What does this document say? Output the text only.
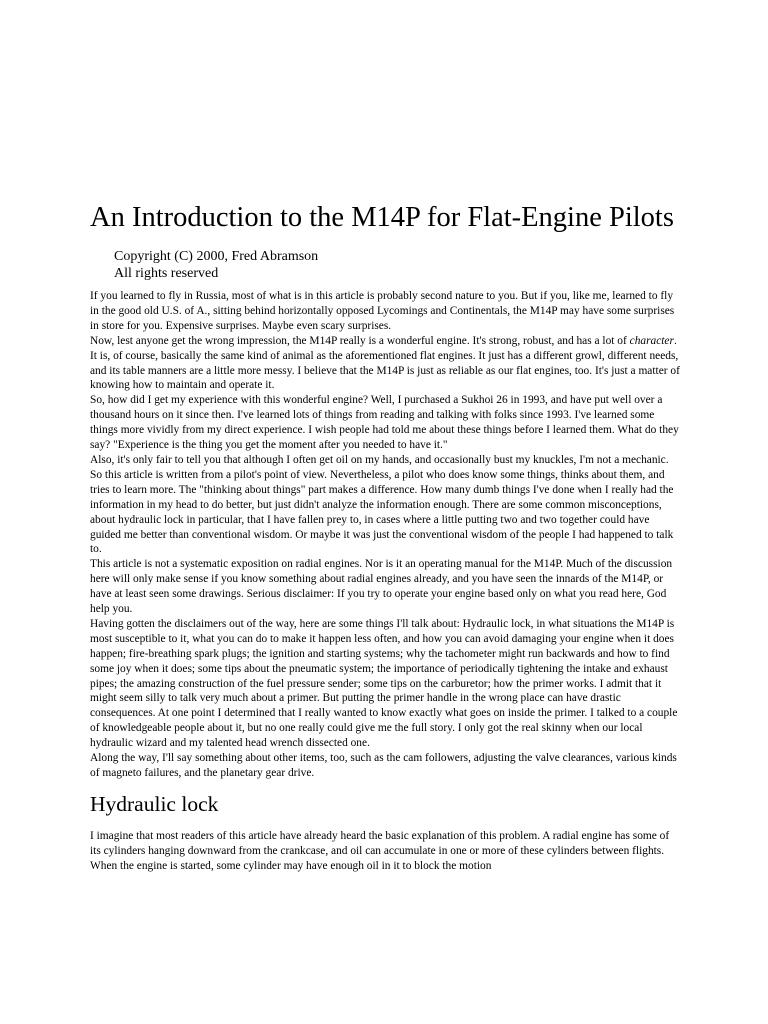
An Introduction to the M14P for Flat-Engine Pilots
Copyright (C) 2000, Fred Abramson
All rights reserved

If you learned to fly in Russia, most of what is in this article is probably second nature to you. But if you, like me, learned to fly in the good old U.S. of A., sitting behind horizontally opposed Lycomings and Continentals, the M14P may have some surprises in store for you. Expensive surprises. Maybe even scary surprises.

Now, lest anyone get the wrong impression, the M14P really is a wonderful engine. It's strong, robust, and has a lot of character. It is, of course, basically the same kind of animal as the aforementioned flat engines. It just has a different growl, different needs, and its table manners are a little more messy. I believe that the M14P is just as reliable as our flat engines, too. It's just a matter of knowing how to maintain and operate it.

So, how did I get my experience with this wonderful engine? Well, I purchased a Sukhoi 26 in 1993, and have put well over a thousand hours on it since then. I've learned lots of things from reading and talking with folks since 1993. I've learned some things more vividly from my direct experience. I wish people had told me about these things before I learned them. What do they say? "Experience is the thing you get the moment after you needed to have it."

Also, it's only fair to tell you that although I often get oil on my hands, and occasionally bust my knuckles, I'm not a mechanic. So this article is written from a pilot's point of view. Nevertheless, a pilot who does know some things, thinks about them, and tries to learn more. The "thinking about things" part makes a difference. How many dumb things I've done when I really had the information in my head to do better, but just didn't analyze the information enough. There are some common misconceptions, about hydraulic lock in particular, that I have fallen prey to, in cases where a little putting two and two together could have guided me better than conventional wisdom. Or maybe it was just the conventional wisdom of the people I had happened to talk to.

This article is not a systematic exposition on radial engines. Nor is it an operating manual for the M14P. Much of the discussion here will only make sense if you know something about radial engines already, and you have seen the innards of the M14P, or have at least seen some drawings. Serious disclaimer: If you try to operate your engine based only on what you read here, God help you.

Having gotten the disclaimers out of the way, here are some things I'll talk about: Hydraulic lock, in what situations the M14P is most susceptible to it, what you can do to make it happen less often, and how you can avoid damaging your engine when it does happen; fire-breathing spark plugs; the ignition and starting systems; why the tachometer might run backwards and how to find some joy when it does; some tips about the pneumatic system; the importance of periodically tightening the intake and exhaust pipes; the amazing construction of the fuel pressure sender; some tips on the carburetor; how the primer works. I admit that it might seem silly to talk very much about a primer. But putting the primer handle in the wrong place can have drastic consequences. At one point I determined that I really wanted to know exactly what goes on inside the primer. I talked to a couple of knowledgeable people about it, but no one really could give me the full story. I only got the real skinny when our local hydraulic wizard and my talented head wrench dissected one.

Along the way, I'll say something about other items, too, such as the cam followers, adjusting the valve clearances, various kinds of magneto failures, and the planetary gear drive.

Hydraulic lock

I imagine that most readers of this article have already heard the basic explanation of this problem. A radial engine has some of its cylinders hanging downward from the crankcase, and oil can accumulate in one or more of these cylinders between flights. When the engine is started, some cylinder may have enough oil in it to block the motion
